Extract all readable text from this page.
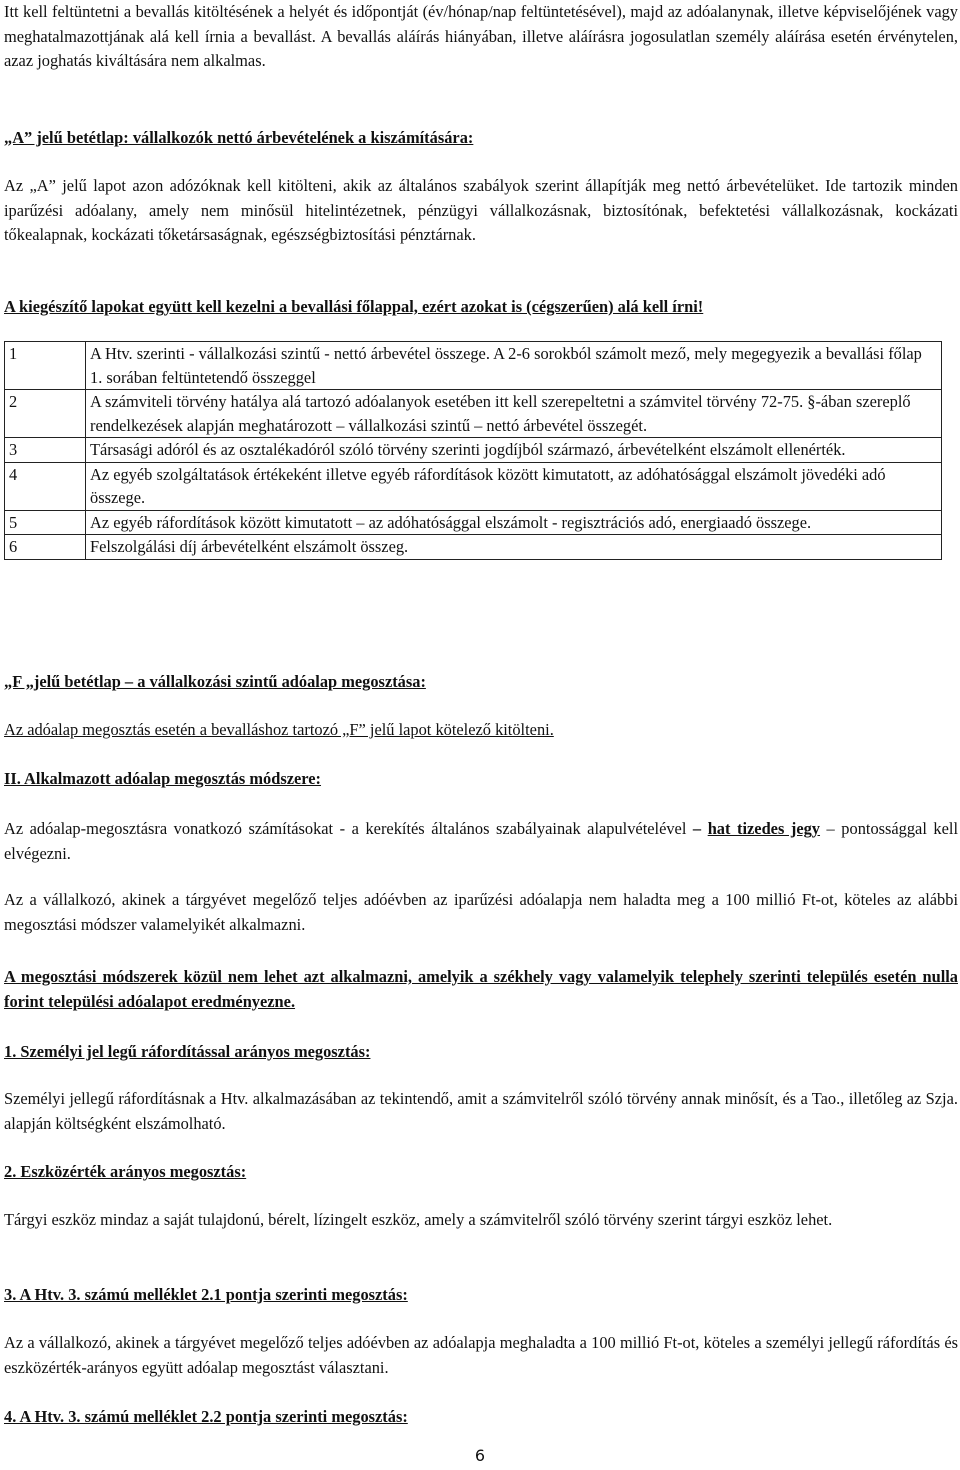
Itt kell feltüntetni a bevallás kitöltésének a helyét és időpontját (év/hónap/nap feltüntetésével), majd az adóalanynak, illetve képviselőjének vagy meghatalmazottjának alá kell írnia a bevallást. A bevallás aláírás hiányában, illetve aláírásra jogosulatlan személy aláírása esetén érvénytelen, azaz joghatás kiváltására nem alkalmas.

„A” jelű betétlap: vállalkozók nettó árbevételének a kiszámítására:

Az „A” jelű lapot azon adózóknak kell kitölteni, akik az általános szabályok szerint állapítják meg nettó árbevételüket. Ide tartozik minden iparűzési adóalany, amely nem minősül hitelintézetnek, pénzügyi vállalkozásnak, biztosítónak, befektetési vállalkozásnak, kockázati tőkealapnak, kockázati tőketársaságnak, egészségbiztosítási pénztárnak.

A kiegészítő lapokat együtt kell kezelni a bevallási főlappal, ezért azokat is (cégszerűen) alá kell írni!

1	A Htv. szerinti - vállalkozási szintű - nettó árbevétel összege. A 2-6 sorokból számolt mező, mely megegyezik a bevallási főlap 1. sorában feltüntetendő összeggel
2	A számviteli törvény hatálya alá tartozó adóalanyok esetében itt kell szerepeltetni a számvitel törvény 72-75. §-ában szereplő rendelkezések alapján meghatározott – vállalkozási szintű – nettó árbevétel összegét.
3	Társasági adóról és az osztalékadóról szóló törvény szerinti jogdíjból származó, árbevételként elszámolt ellenérték.
4	Az egyéb szolgáltatások értékeként illetve egyéb ráfordítások között kimutatott, az adóhatósággal elszámolt jövedéki adó összege.
5	Az egyéb ráfordítások között kimutatott – az adóhatósággal elszámolt - regisztrációs adó, energiaadó összege.
6	Felszolgálási díj árbevételként elszámolt összeg.

„F „jelű betétlap – a vállalkozási szintű adóalap megosztása:

Az adóalap megosztás esetén a bevalláshoz tartozó „F” jelű lapot kötelező kitölteni.

II. Alkalmazott adóalap megosztás módszere:

Az adóalap-megosztásra vonatkozó számításokat - a kerekítés általános szabályainak alapulvételével – hat tizedes jegy – pontossággal kell elvégezni.

Az a vállalkozó, akinek a tárgyévet megelőző teljes adóévben az iparűzési adóalapja nem haladta meg a 100 millió Ft-ot, köteles az alábbi megosztási módszer valamelyikét alkalmazni.

A megosztási módszerek közül nem lehet azt alkalmazni, amelyik a székhely vagy valamelyik telephely szerinti település esetén nulla forint települési adóalapot eredményezne.

1. Személyi jel legű ráfordítással arányos megosztás:

Személyi jellegű ráfordításnak a Htv. alkalmazásában az tekintendő, amit a számvitelről szóló törvény annak minősít, és a Tao., illetőleg az Szja. alapján költségként elszámolható.

2. Eszközérték arányos megosztás:

Tárgyi eszköz mindaz a saját tulajdonú, bérelt, lízingelt eszköz, amely a számvitelről szóló törvény szerint tárgyi eszköz lehet.

3. A Htv. 3. számú melléklet 2.1 pontja szerinti megosztás:

Az a vállalkozó, akinek a tárgyévet megelőző teljes adóévben az adóalapja meghaladta a 100 millió Ft-ot, köteles a személyi jellegű ráfordítás és eszközérték-arányos együtt adóalap megosztást választani.

4. A Htv. 3. számú melléklet 2.2 pontja szerinti megosztás:

6
